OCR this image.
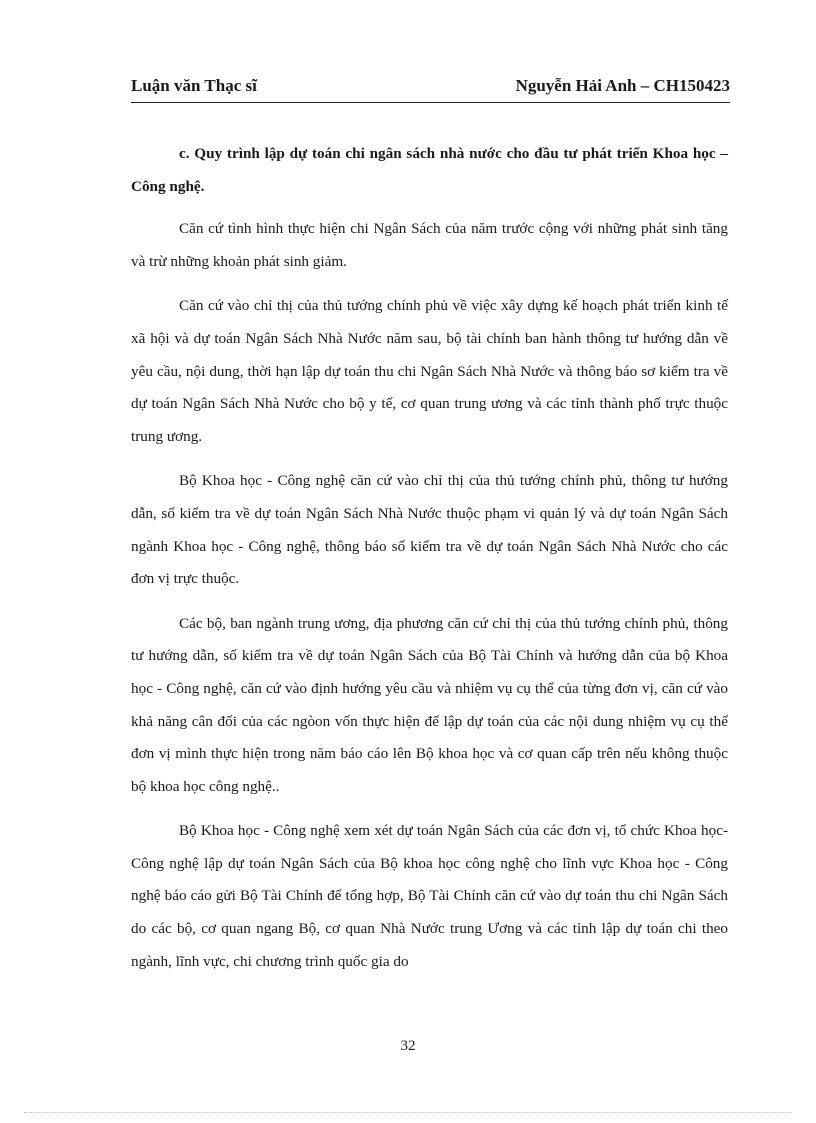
Luận văn Thạc sĩ	Nguyễn Hải Anh – CH150423

c. Quy trình lập dự toán chi ngân sách nhà nước cho đầu tư phát triển Khoa học – Công nghệ.

Căn cứ tình hình thực hiện chi Ngân Sách của năm trước cộng với những phát sinh tăng và trừ những khoản phát sinh giảm.

Căn cứ vào chỉ thị của thủ tướng chính phủ về việc xây dựng kế hoạch phát triển kinh tế xã hội và dự toán Ngân Sách Nhà Nước năm sau, bộ tài chính ban hành thông tư hướng dẫn về yêu cầu, nội dung, thời hạn lập dự toán thu chi Ngân Sách Nhà Nước và thông báo sơ kiểm tra về dự toán Ngân Sách Nhà Nước cho bộ y tế, cơ quan trung ương và các tỉnh thành phố trực thuộc trung ương.

Bộ Khoa học - Công nghệ căn cứ vào chỉ thị của thủ tướng chính phủ, thông tư hướng dẫn, số kiểm tra về dự toán Ngân Sách Nhà Nước thuộc phạm vi quản lý và dự toán Ngân Sách ngành Khoa học - Công nghệ, thông báo số kiểm tra về dự toán Ngân Sách Nhà Nước cho các đơn vị trực thuộc.

Các bộ, ban ngành trung ương, địa phương căn cứ chỉ thị của thủ tướng chính phủ, thông tư hướng dẫn, số kiểm tra về dự toán Ngân Sách của Bộ Tài Chính và hướng dẫn của bộ Khoa học - Công nghệ, căn cứ vào định hướng yêu cầu và nhiệm vụ cụ thể của từng đơn vị, căn cứ vào khả năng cân đối của các ngòon vốn thực hiện để lập dự toán của các nội dung nhiệm vụ cụ thể đơn vị mình thực hiện trong năm báo cáo lên Bộ khoa học và cơ quan cấp trên nếu không thuộc bộ khoa học công nghệ..

Bộ Khoa học - Công nghệ xem xét dự toán Ngân Sách của các đơn vị, tổ chức Khoa học- Công nghệ lập dự toán Ngân Sách của Bộ khoa học công nghệ cho lĩnh vực Khoa học - Công nghệ báo cáo gửi Bộ Tài Chính để tổng hợp, Bộ Tài Chính căn cứ vào dự toán thu chi Ngân Sách do các bộ, cơ quan ngang Bộ, cơ quan Nhà Nước trung Ương và các tỉnh lập dự toán chi theo ngành, lĩnh vực, chi chương trình quốc gia do

32
